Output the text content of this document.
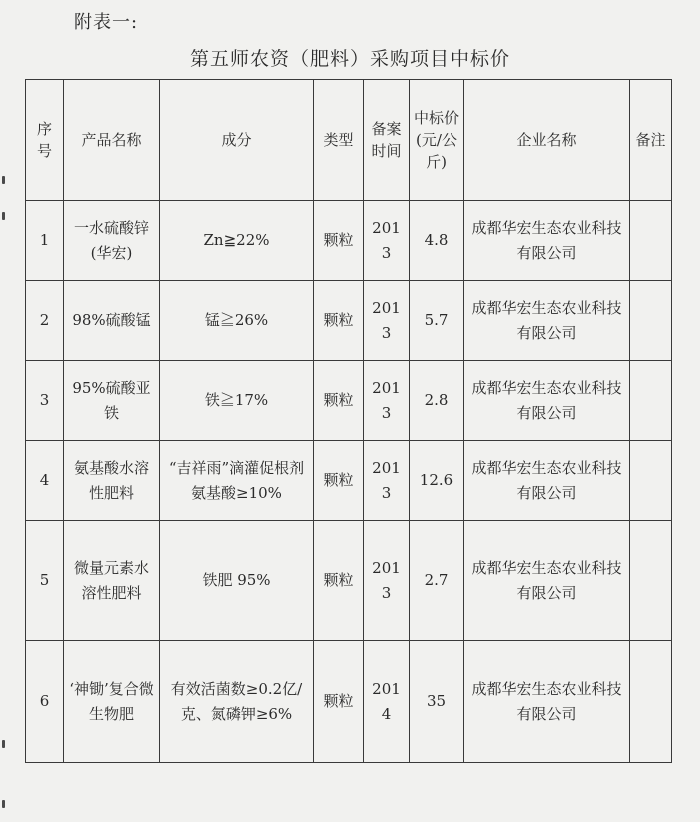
附表一:
第五师农资（肥料）采购项目中标价
序号	产品名称	成分	类型	备案时间	中标价(元/公斤)	企业名称	备注
1	一水硫酸锌(华宏)	Zn≧22%	颗粒	2013	4.8	成都华宏生态农业科技有限公司	
2	98%硫酸锰	锰≧26%	颗粒	2013	5.7	成都华宏生态农业科技有限公司	
3	95%硫酸亚铁	铁≧17%	颗粒	2013	2.8	成都华宏生态农业科技有限公司	
4	氨基酸水溶性肥料	“吉祥雨”滴灌促根剂氨基酸≥10%	颗粒	2013	12.6	成都华宏生态农业科技有限公司	
5	微量元素水溶性肥料	铁肥 95%	颗粒	2013	2.7	成都华宏生态农业科技有限公司	
6	‘神锄’复合微生物肥	有效活菌数≥0.2亿/克、氮磷钾≥6%	颗粒	2014	35	成都华宏生态农业科技有限公司	
